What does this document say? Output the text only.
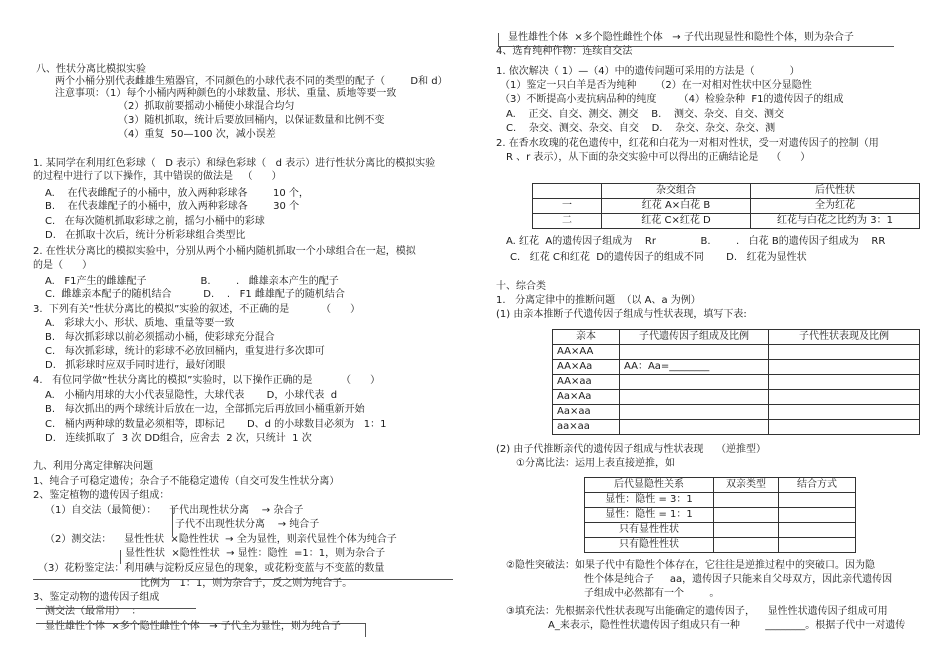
八、性状分离比模拟实验
两个小桶分别代表雌雄生殖器官，不同颜色的小球代表不同的类型的配子（        D和 d）
注意事项：（1）每个小桶内两种颜色的小球数量、形状、重量、质地等要一致
（2）抓取前要摇动小桶使小球混合均匀
（3）随机抓取，统计后要放回桶内，以保证数量和比例不变
（4）重复  50—100 次，减小误差
1. 某同学在利用红色彩球（   D 表示）和绿色彩球（   d 表示）进行性状分离比的模拟实验
的过程中进行了以下操作，其中错误的做法是   （      ）
A.    在代表雌配子的小桶中，放入两种彩球各        10 个，
B.    在代表雄配子的小桶中，放入两种彩球各        30 个
C.   在每次随机抓取彩球之前，摇匀小桶中的彩球
D.   在抓取十次后，统计分析彩球组合类型比
2. 在性状分离比的模拟实验中，分别从两个小桶内随机抓取一个小球组合在一起，模拟
的是（      ）
A.   F1产生的雌雄配子                 B.        .   雌雄亲本产生的配子
C.  雌雄亲本配子的随机结合          D.    .   F1 雌雄配子的随机结合
3.  下列有关“性状分离比的模拟”实验的叙述，不正确的是          （      ）
A.   彩球大小、形状、质地、重量等要一致
B.   每次抓彩球以前必须摇动小桶，使彩球充分混合
C.   每次抓彩球，统计的彩球不必放回桶内，重复进行多次即可
D.   抓彩球时应双手同时进行，最好闭眼
4.   有位同学做“性状分离比的模拟”实验时，以下操作正确的是         （      ）
A.   小桶内用球的大小代表显隐性，大球代表       D，小球代表  d
B.   每次抓出的两个球统计后放在一边，全部抓完后再放回小桶重新开始
C.   桶内两种球的数量必须相等，即标记       D、d 的小球数目必须为   1：1
D.   连续抓取了  3 次 DD组合，应舍去  2 次，只统计  1 次
九、利用分离定律解决问题
1、纯合子可稳定遗传；杂合子不能稳定遗传（自交可发生性状分离）
2、鉴定植物的遗传因子组成：
（1）自交法（最简便）：    子代出现性状分离    → 杂合子
子代不出现性状分离    → 纯合子
（2）测交法：    显性性状  ×隐性性状  → 全为显性，则亲代显性个体为纯合子
显性性状  ×隐性性状  → 显性：隐性  =1：1，则为杂合子
（3）花粉鉴定法：利用碘与淀粉反应显色的现象，或花粉变蓝与不变蓝的数量
比例为   1：1，则为杂合子，反之则为纯合子。
3、鉴定动物的遗传因子组成
测交法（最常用）  ：
显性雄性个体  ×多个隐性雌性个体   → 子代全为显性，则为纯合子
显性雄性个体  ×多个隐性雌性个体   → 子代出现显性和隐性个体，则为杂合子
4、选育纯种作物：连续自交法
1. 依次解决（ 1）—（4）中的遗传问题可采用的方法是（           ）
（1）鉴定一只白羊是否为纯种      （2）在一对相对性状中区分显隐性
（3）不断提高小麦抗病品种的纯度       （4）检验杂种  F1的遗传因子的组成
A.    正交、自交、测交、测交    B.    测交、杂交、自交、测交
C.    杂交、测交、杂交、自交    D.    杂交、杂交、杂交、测
2. 在香水玫瑰的花色遗传中，红花和白花为一对相对性状，受一对遗传因子的控制（用
R 、r 表示），从下面的杂交实验中可以得出的正确结论是    （      ）
A. 红花  A的遗传因子组成为    Rr              B.        .   白花 B的遗传因子组成为    RR
C.   红花 C和红花  D的遗传因子的组成不同       D.   红花为显性状
十、综合类
1.   分离定律中的推断问题  （以 A、a 为例）
(1) 由亲本推断子代遗传因子组成与性状表现，填写下表:
(2) 由子代推断亲代的遗传因子组成与性状表现    （逆推型）
①分离比法：运用上表直接逆推，如
②隐性突破法：如果子代中有隐性个体存在，它往往是逆推过程中的突破口。因为隐
性个体是纯合子     aa，遗传因子只能来自父母双方，因此亲代遗传因
子组成中必然都有一个        。
③填充法：先根据亲代性状表现写出能确定的遗传因子，    显性性状遗传因子组成可用
A_来表示，隐性性状遗传因子组成只有一种        ________。根据子代中一对遗传
	杂交组合	后代性状
一	红花 A×白花 B	全为红花
二	红花 C×红花 D	红花与白花之比约为 3：1
亲本	子代遗传因子组成及比例	子代性状表现及比例
AA×AA		
AA×Aa	AA：Aa=________	
AA×aa		
Aa×Aa		
Aa×aa		
aa×aa		
后代显隐性关系	双亲类型	结合方式
显性：隐性 = 3：1		
显性：隐性 = 1：1		
只有显性性状		
只有隐性性状		
